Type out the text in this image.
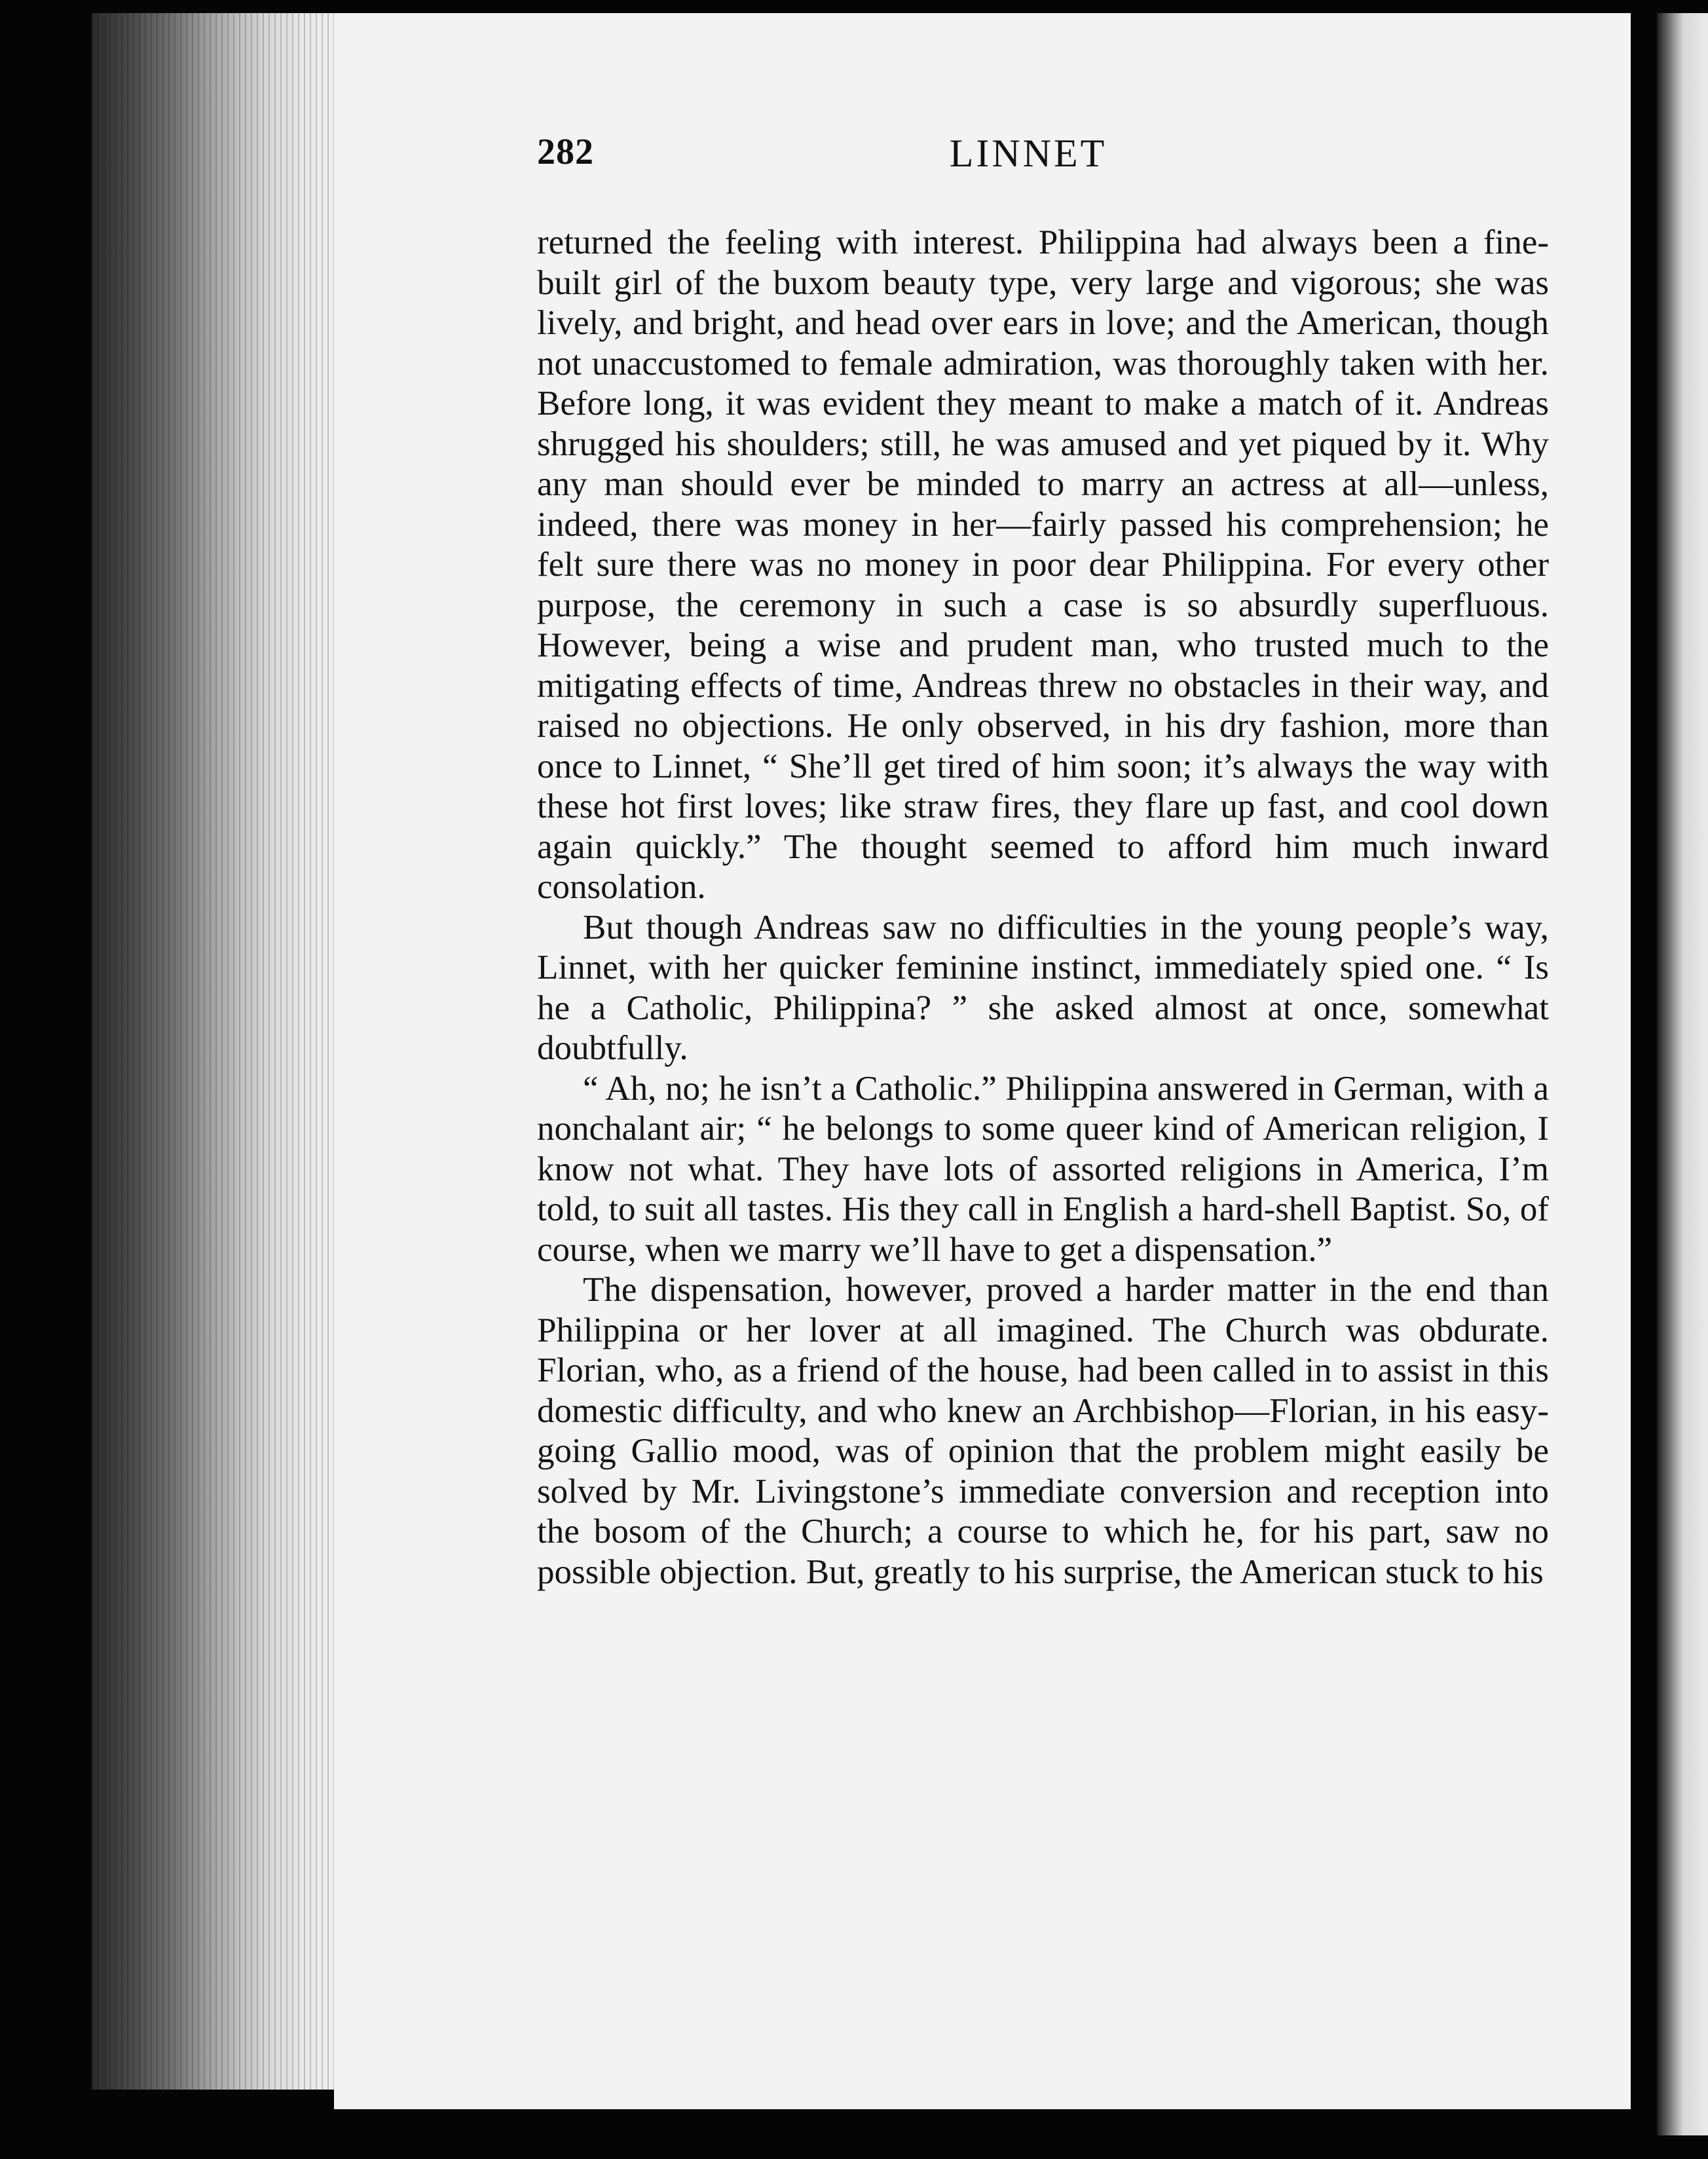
282	LINNET

returned the feeling with interest. Philippina had always been a fine-built girl of the buxom beauty type, very large and vigorous; she was lively, and bright, and head over ears in love; and the American, though not unaccustomed to female admiration, was thoroughly taken with her. Before long, it was evident they meant to make a match of it. Andreas shrugged his shoulders; still, he was amused and yet piqued by it. Why any man should ever be minded to marry an actress at all—unless, indeed, there was money in her—fairly passed his comprehension; he felt sure there was no money in poor dear Philippina. For every other purpose, the ceremony in such a case is so absurdly superfluous. However, being a wise and prudent man, who trusted much to the mitigating effects of time, Andreas threw no obstacles in their way, and raised no objections. He only observed, in his dry fashion, more than once to Linnet, “ She’ll get tired of him soon; it’s always the way with these hot first loves; like straw fires, they flare up fast, and cool down again quickly.” The thought seemed to afford him much inward consolation.

But though Andreas saw no difficulties in the young people’s way, Linnet, with her quicker feminine instinct, immediately spied one. “ Is he a Catholic, Philippina? ” she asked almost at once, somewhat doubtfully.

“ Ah, no; he isn’t a Catholic.” Philippina answered in German, with a nonchalant air; “ he belongs to some queer kind of American religion, I know not what. They have lots of assorted religions in America, I’m told, to suit all tastes. His they call in English a hard-shell Baptist. So, of course, when we marry we’ll have to get a dispensation.”

The dispensation, however, proved a harder matter in the end than Philippina or her lover at all imagined. The Church was obdurate. Florian, who, as a friend of the house, had been called in to assist in this domestic difficulty, and who knew an Archbishop—Florian, in his easy-going Gallio mood, was of opinion that the problem might easily be solved by Mr. Livingstone’s immediate conversion and reception into the bosom of the Church; a course to which he, for his part, saw no possible objection. But, greatly to his surprise, the American stuck to his
